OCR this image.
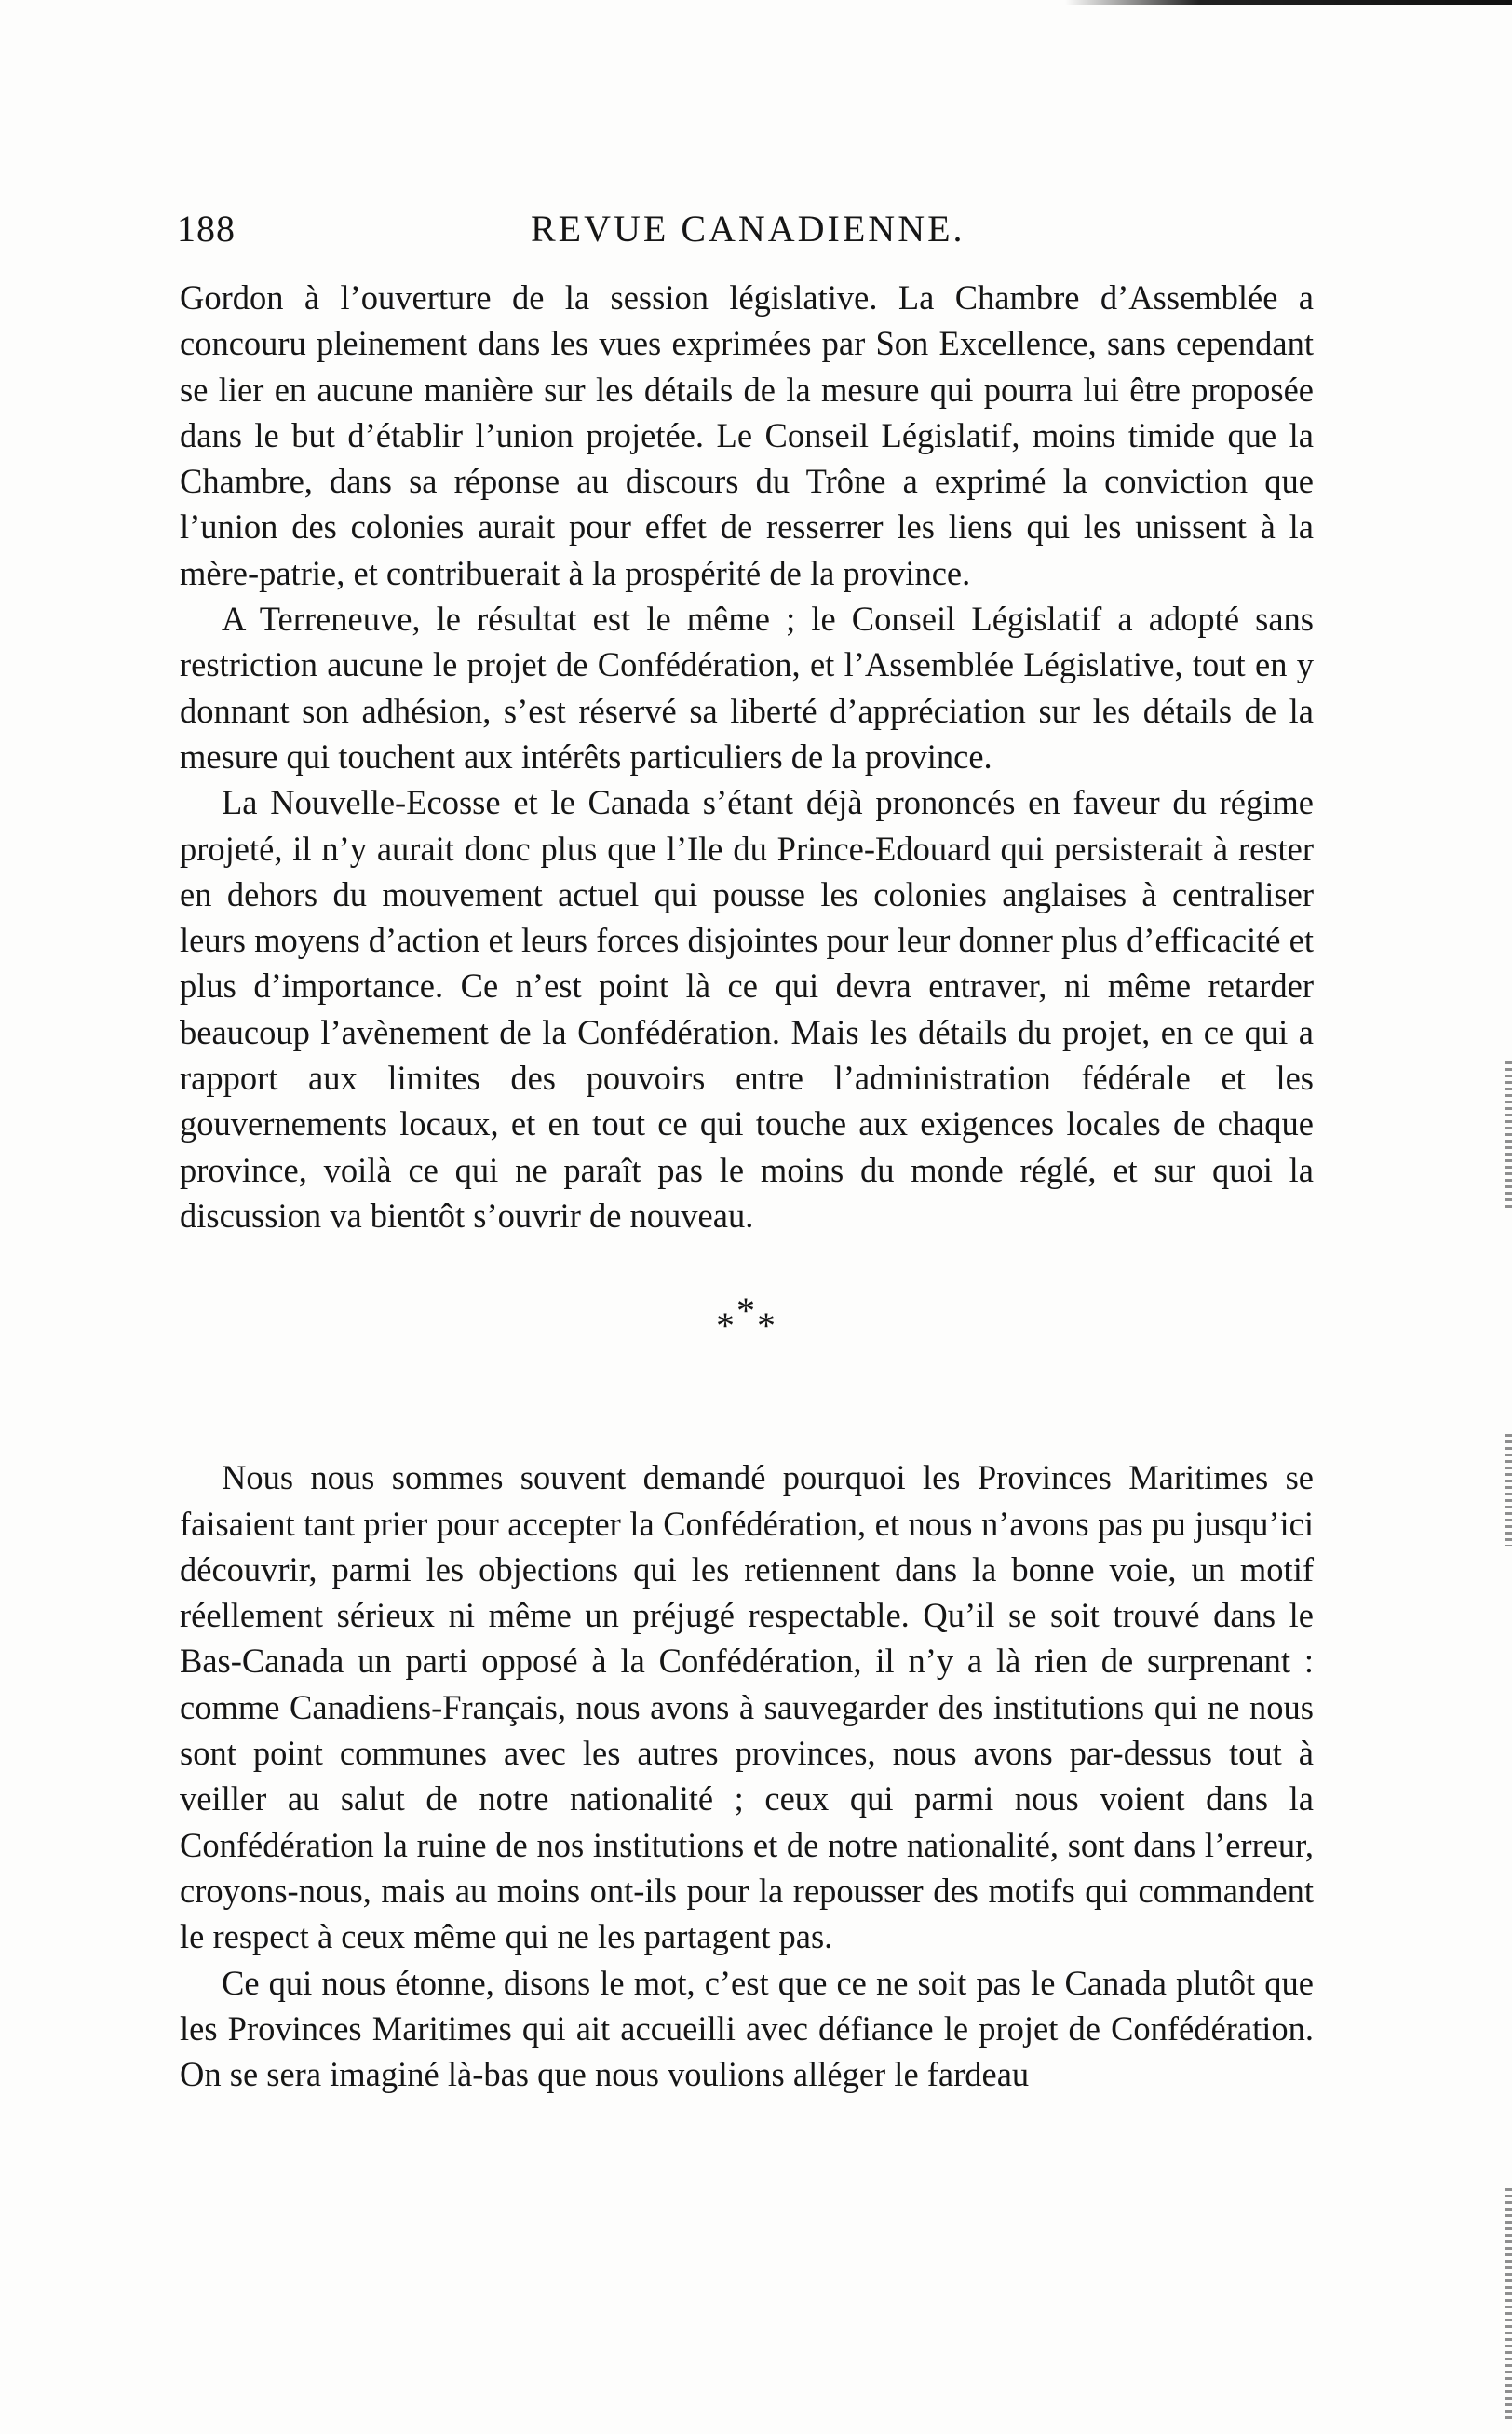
188	REVUE CANADIENNE.

Gordon à l’ouverture de la session législative. La Chambre d’Assemblée a concouru pleinement dans les vues exprimées par Son Excellence, sans cependant se lier en aucune manière sur les détails de la mesure qui pourra lui être proposée dans le but d’établir l’union projetée. Le Conseil Législatif, moins timide que la Chambre, dans sa réponse au discours du Trône a exprimé la conviction que l’union des colonies aurait pour effet de resserrer les liens qui les unissent à la mère-patrie, et contribuerait à la prospérité de la province.

A Terreneuve, le résultat est le même ; le Conseil Législatif a adopté sans restriction aucune le projet de Confédération, et l’Assemblée Législative, tout en y donnant son adhésion, s’est réservé sa liberté d’appréciation sur les détails de la mesure qui touchent aux intérêts particuliers de la province.

La Nouvelle-Ecosse et le Canada s’étant déjà prononcés en faveur du régime projeté, il n’y aurait donc plus que l’Ile du Prince-Edouard qui persisterait à rester en dehors du mouvement actuel qui pousse les colonies anglaises à centraliser leurs moyens d’action et leurs forces disjointes pour leur donner plus d’efficacité et plus d’importance. Ce n’est point là ce qui devra entraver, ni même retarder beaucoup l’avènement de la Confédération. Mais les détails du projet, en ce qui a rapport aux limites des pouvoirs entre l’administration fédérale et les gouvernements locaux, et en tout ce qui touche aux exigences locales de chaque province, voilà ce qui ne paraît pas le moins du monde réglé, et sur quoi la discussion va bientôt s’ouvrir de nouveau.

***

Nous nous sommes souvent demandé pourquoi les Provinces Maritimes se faisaient tant prier pour accepter la Confédération, et nous n’avons pas pu jusqu’ici découvrir, parmi les objections qui les retiennent dans la bonne voie, un motif réellement sérieux ni même un préjugé respectable. Qu’il se soit trouvé dans le Bas-Canada un parti opposé à la Confédération, il n’y a là rien de surprenant : comme Canadiens-Français, nous avons à sauvegarder des institutions qui ne nous sont point communes avec les autres provinces, nous avons par-dessus tout à veiller au salut de notre nationalité ; ceux qui parmi nous voient dans la Confédération la ruine de nos institutions et de notre nationalité, sont dans l’erreur, croyons-nous, mais au moins ont-ils pour la repousser des motifs qui commandent le respect à ceux même qui ne les partagent pas.

Ce qui nous étonne, disons le mot, c’est que ce ne soit pas le Canada plutôt que les Provinces Maritimes qui ait accueilli avec défiance le projet de Confédération. On se sera imaginé là-bas que nous voulions alléger le fardeau
